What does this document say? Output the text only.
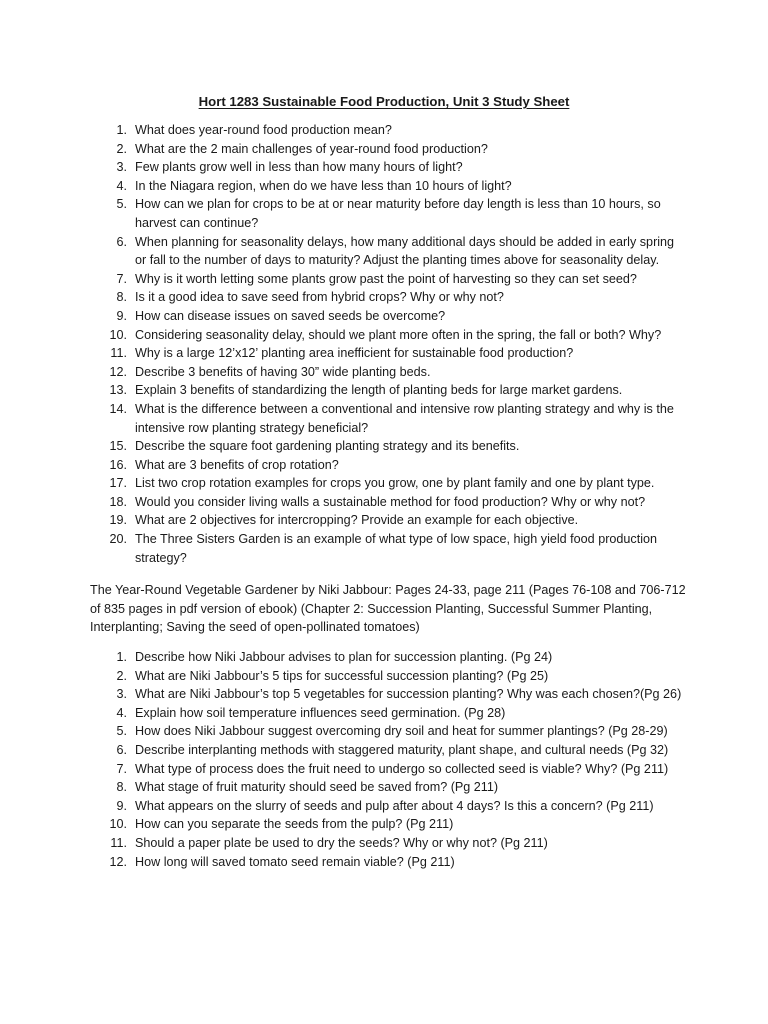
Hort 1283 Sustainable Food Production, Unit 3 Study Sheet
1. What does year-round food production mean?
2. What are the 2 main challenges of year-round food production?
3. Few plants grow well in less than how many hours of light?
4. In the Niagara region, when do we have less than 10 hours of light?
5. How can we plan for crops to be at or near maturity before day length is less than 10 hours, so harvest can continue?
6. When planning for seasonality delays, how many additional days should be added in early spring or fall to the number of days to maturity? Adjust the planting times above for seasonality delay.
7. Why is it worth letting some plants grow past the point of harvesting so they can set seed?
8. Is it a good idea to save seed from hybrid crops? Why or why not?
9. How can disease issues on saved seeds be overcome?
10. Considering seasonality delay, should we plant more often in the spring, the fall or both? Why?
11. Why is a large 12’x12’ planting area inefficient for sustainable food production?
12. Describe 3 benefits of having 30” wide planting beds.
13. Explain 3 benefits of standardizing the length of planting beds for large market gardens.
14. What is the difference between a conventional and intensive row planting strategy and why is the intensive row planting strategy beneficial?
15. Describe the square foot gardening planting strategy and its benefits.
16. What are 3 benefits of crop rotation?
17. List two crop rotation examples for crops you grow, one by plant family and one by plant type.
18. Would you consider living walls a sustainable method for food production? Why or why not?
19. What are 2 objectives for intercropping? Provide an example for each objective.
20. The Three Sisters Garden is an example of what type of low space, high yield food production strategy?

The Year-Round Vegetable Gardener by Niki Jabbour: Pages 24-33, page 211 (Pages 76-108 and 706-712 of 835 pages in pdf version of ebook) (Chapter 2: Succession Planting, Successful Summer Planting, Interplanting; Saving the seed of open-pollinated tomatoes)

1. Describe how Niki Jabbour advises to plan for succession planting. (Pg 24)
2. What are Niki Jabbour’s 5 tips for successful succession planting? (Pg 25)
3. What are Niki Jabbour’s top 5 vegetables for succession planting? Why was each chosen?(Pg 26)
4. Explain how soil temperature influences seed germination. (Pg 28)
5. How does Niki Jabbour suggest overcoming dry soil and heat for summer plantings? (Pg 28-29)
6. Describe interplanting methods with staggered maturity, plant shape, and cultural needs (Pg 32)
7. What type of process does the fruit need to undergo so collected seed is viable? Why? (Pg 211)
8. What stage of fruit maturity should seed be saved from? (Pg 211)
9. What appears on the slurry of seeds and pulp after about 4 days? Is this a concern? (Pg 211)
10. How can you separate the seeds from the pulp? (Pg 211)
11. Should a paper plate be used to dry the seeds? Why or why not? (Pg 211)
12. How long will saved tomato seed remain viable? (Pg 211)
